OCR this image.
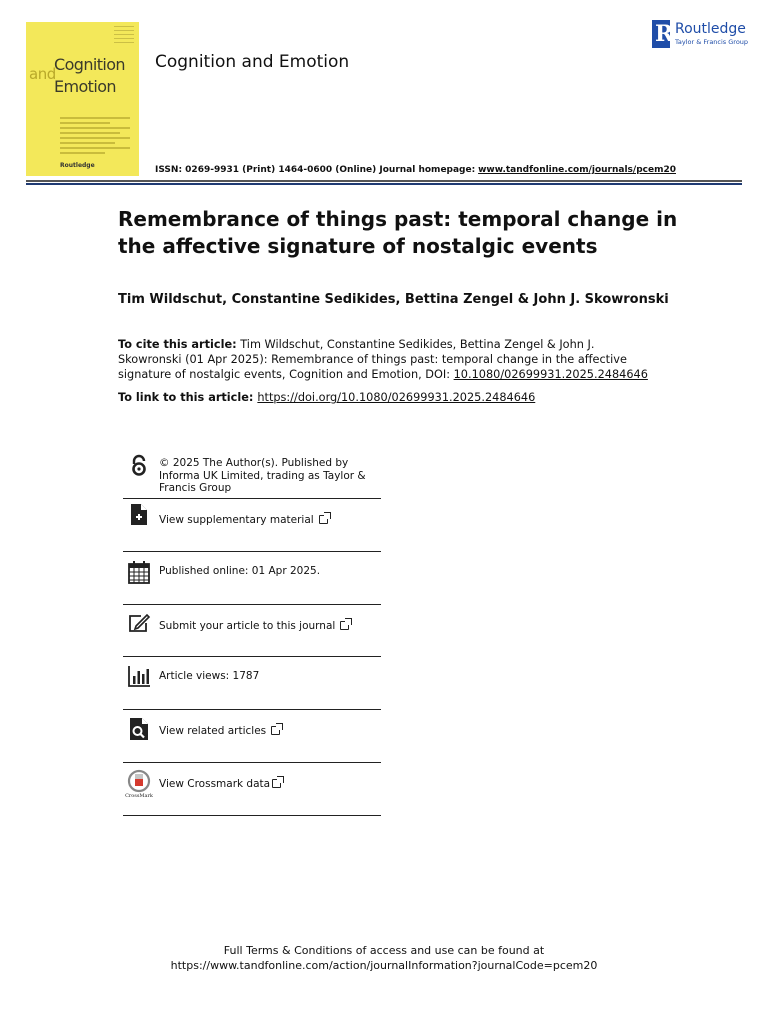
and
Cognition
Emotion
Routledge
Cognition and Emotion
R Routledge
Taylor & Francis Group
ISSN: 0269-9931 (Print) 1464-0600 (Online) Journal homepage: www.tandfonline.com/journals/pcem20
Remembrance of things past: temporal change in the affective signature of nostalgic events
Tim Wildschut, Constantine Sedikides, Bettina Zengel & John J. Skowronski
To cite this article: Tim Wildschut, Constantine Sedikides, Bettina Zengel & John J. Skowronski (01 Apr 2025): Remembrance of things past: temporal change in the affective signature of nostalgic events, Cognition and Emotion, DOI: 10.1080/02699931.2025.2484646
To link to this article: https://doi.org/10.1080/02699931.2025.2484646
© 2025 The Author(s). Published by Informa UK Limited, trading as Taylor & Francis Group
View supplementary material
Published online: 01 Apr 2025.
Submit your article to this journal
Article views: 1787
View related articles
CrossMark
View Crossmark data
Full Terms & Conditions of access and use can be found at
https://www.tandfonline.com/action/journalInformation?journalCode=pcem20
